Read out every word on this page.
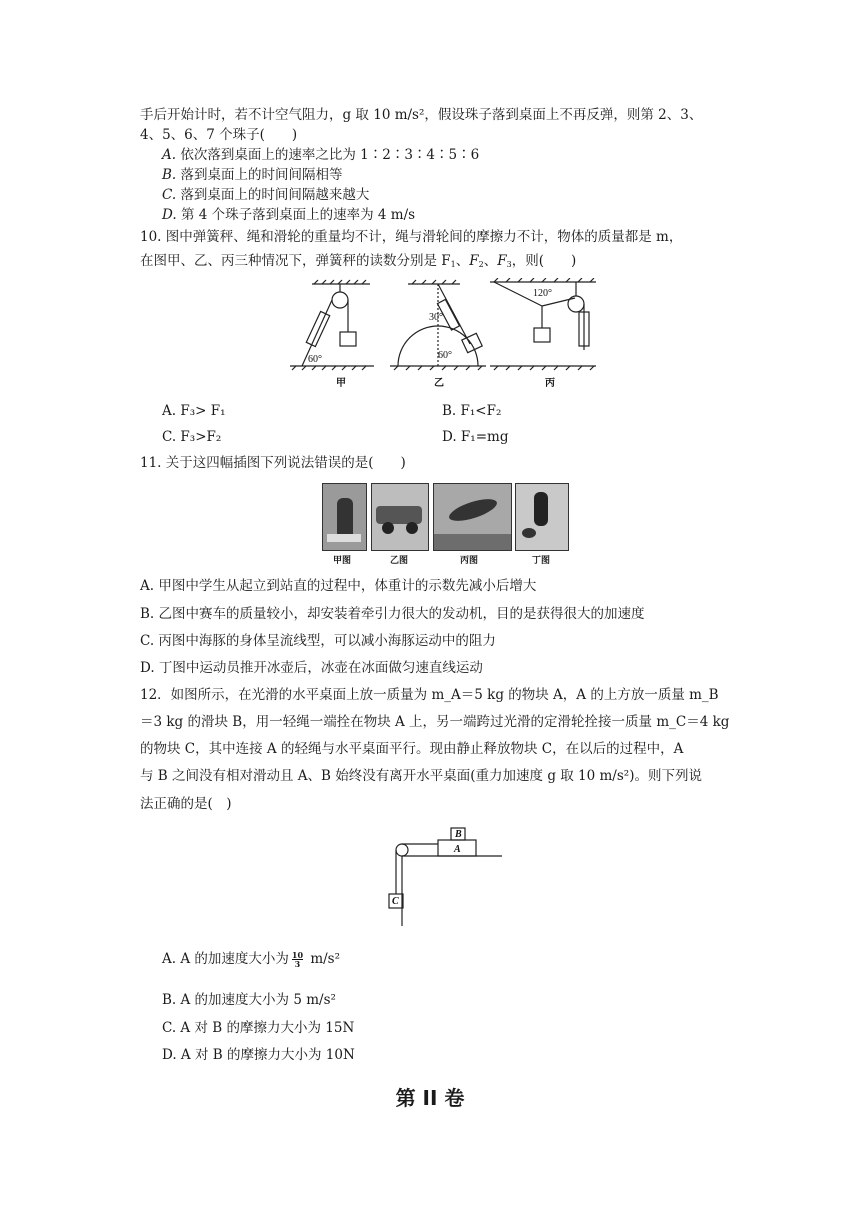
手后开始计时，若不计空气阻力，g 取 10 m/s²，假设珠子落到桌面上不再反弹，则第 2、3、
4、5、6、7 个珠子(　　)
A. 依次落到桌面上的速率之比为 1∶2∶3∶4∶5∶6
B. 落到桌面上的时间间隔相等
C. 落到桌面上的时间间隔越来越大
D. 第 4 个珠子落到桌面上的速率为 4 m/s
10. 图中弹簧秤、绳和滑轮的重量均不计，绳与滑轮间的摩擦力不计，物体的质量都是 m，
在图甲、乙、丙三种情况下，弹簧秤的读数分别是 $F_1$、$F_2$、$F_3$，则(　　)
60°
30°
60°
120°
甲	乙	丙
A. F₃> F₁	B. F₁<F₂
C. F₃>F₂	D. F₁=mg
11. 关于这四幅插图下列说法错误的是(　　)
甲图	乙图	丙图	丁图
A. 甲图中学生从起立到站直的过程中，体重计的示数先减小后增大
B. 乙图中赛车的质量较小，却安装着牵引力很大的发动机，目的是获得很大的加速度
C. 丙图中海豚的身体呈流线型，可以减小海豚运动中的阻力
D. 丁图中运动员推开冰壶后，冰壶在冰面做匀速直线运动
12．如图所示，在光滑的水平桌面上放一质量为 m_A＝5 kg 的物块 A，A 的上方放一质量 m_B
＝3 kg 的滑块 B，用一轻绳一端拴在物块 A 上，另一端跨过光滑的定滑轮拴接一质量 m_C＝4 kg
的物块 C，其中连接 A 的轻绳与水平桌面平行。现由静止释放物块 C，在以后的过程中，A
与 B 之间没有相对滑动且 A、B 始终没有离开水平桌面(重力加速度 g 取 10 m/s²)。则下列说
法正确的是(　)
B
A
C
A. A 的加速度大小为 $\frac{10}{3} m/s^2$
B. A 的加速度大小为 5 m/s²
C. A 对 B 的摩擦力大小为 15N
D. A 对 B 的摩擦力大小为 10N
第 II 卷
